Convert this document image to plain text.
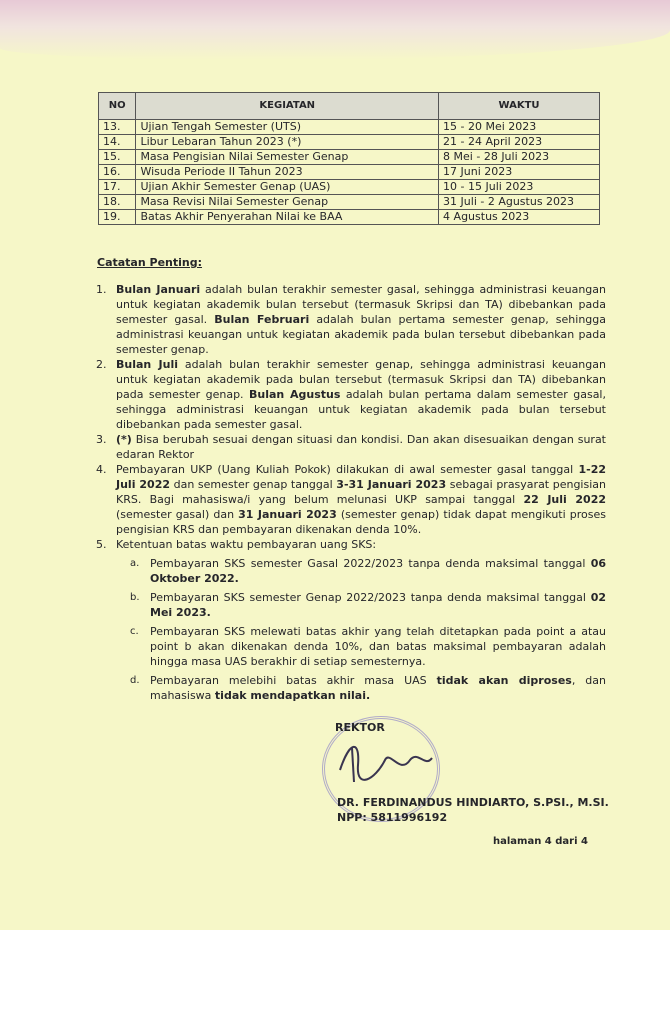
NO	KEGIATAN	WAKTU
13.	Ujian Tengah Semester (UTS)	15 - 20 Mei 2023
14.	Libur Lebaran Tahun 2023 (*)	21 - 24 April 2023
15.	Masa Pengisian Nilai Semester Genap	8 Mei - 28 Juli 2023
16.	Wisuda Periode II Tahun 2023	17 Juni 2023
17.	Ujian Akhir Semester Genap (UAS)	10 - 15 Juli 2023
18.	Masa Revisi Nilai Semester Genap	31 Juli - 2 Agustus 2023
19.	Batas Akhir Penyerahan Nilai ke BAA	4 Agustus 2023
Catatan Penting:
1. Bulan Januari adalah bulan terakhir semester gasal, sehingga administrasi keuangan untuk kegiatan akademik bulan tersebut (termasuk Skripsi dan TA) dibebankan pada semester gasal. Bulan Februari adalah bulan pertama semester genap, sehingga administrasi keuangan untuk kegiatan akademik pada bulan tersebut dibebankan pada semester genap.
2. Bulan Juli adalah bulan terakhir semester genap, sehingga administrasi keuangan untuk kegiatan akademik pada bulan tersebut (termasuk Skripsi dan TA) dibebankan pada semester genap. Bulan Agustus adalah bulan pertama dalam semester gasal, sehingga administrasi keuangan untuk kegiatan akademik pada bulan tersebut dibebankan pada semester gasal.
3. (*) Bisa berubah sesuai dengan situasi dan kondisi. Dan akan disesuaikan dengan surat edaran Rektor
4. Pembayaran UKP (Uang Kuliah Pokok) dilakukan di awal semester gasal tanggal 1-22 Juli 2022 dan semester genap tanggal 3-31 Januari 2023 sebagai prasyarat pengisian KRS. Bagi mahasiswa/i yang belum melunasi UKP sampai tanggal 22 Juli 2022 (semester gasal) dan 31 Januari 2023 (semester genap) tidak dapat mengikuti proses pengisian KRS dan pembayaran dikenakan denda 10%.
5. Ketentuan batas waktu pembayaran uang SKS:
a. Pembayaran SKS semester Gasal 2022/2023 tanpa denda maksimal tanggal 06 Oktober 2022.
b. Pembayaran SKS semester Genap 2022/2023 tanpa denda maksimal tanggal 02 Mei 2023.
c. Pembayaran SKS melewati batas akhir yang telah ditetapkan pada point a atau point b akan dikenakan denda 10%, dan batas maksimal pembayaran adalah hingga masa UAS berakhir di setiap semesternya.
d. Pembayaran melebihi batas akhir masa UAS tidak akan diproses, dan mahasiswa tidak mendapatkan nilai.
REKTOR
DR. FERDINANDUS HINDIARTO, S.PSI., M.SI.
NPP: 5811996192
halaman 4 dari 4
